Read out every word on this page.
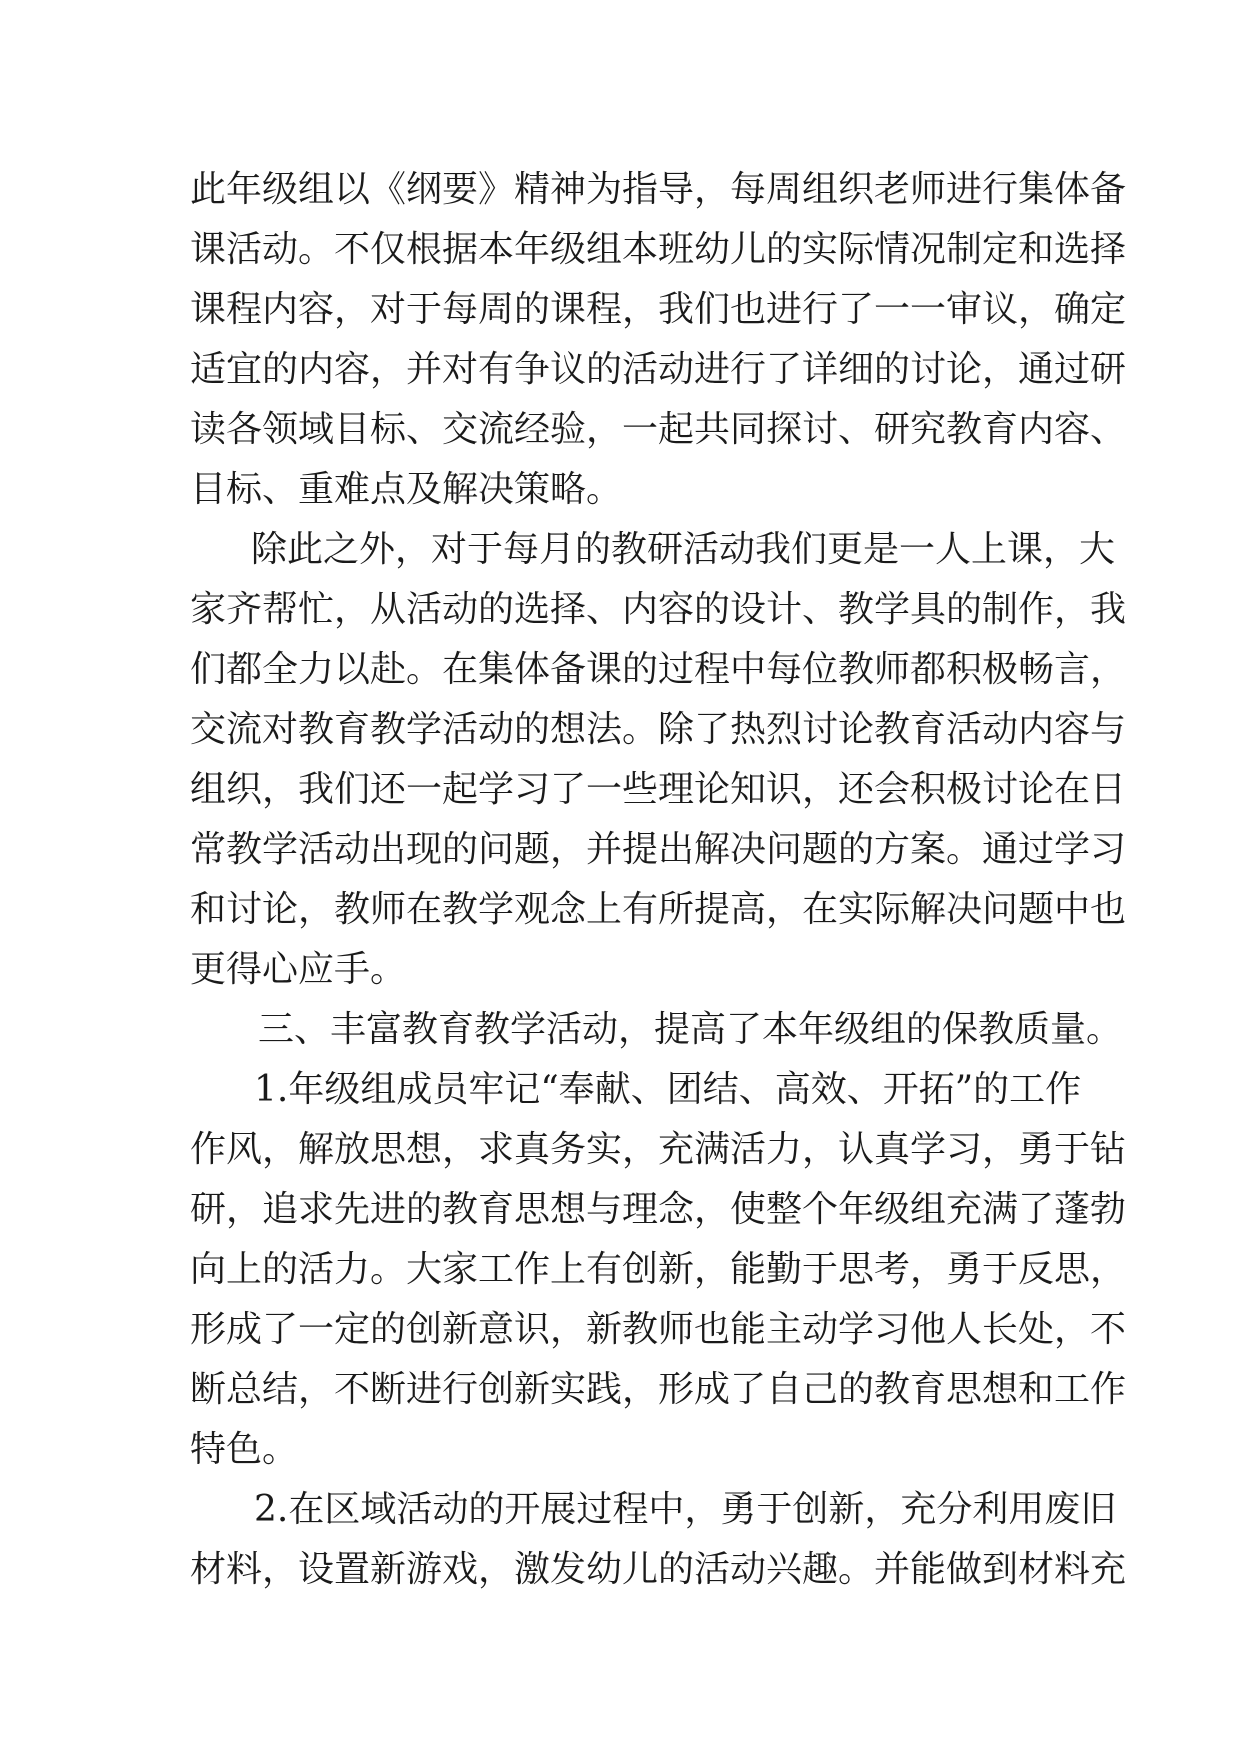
此年级组以《纲要》精神为指导，每周组织老师进行集体备
课活动。不仅根据本年级组本班幼儿的实际情况制定和选择
课程内容，对于每周的课程，我们也进行了一一审议，确定
适宜的内容，并对有争议的活动进行了详细的讨论，通过研
读各领域目标、交流经验，一起共同探讨、研究教育内容、
目标、重难点及解决策略。
除此之外，对于每月的教研活动我们更是一人上课，大
家齐帮忙，从活动的选择、内容的设计、教学具的制作，我
们都全力以赴。在集体备课的过程中每位教师都积极畅言，
交流对教育教学活动的想法。除了热烈讨论教育活动内容与
组织，我们还一起学习了一些理论知识，还会积极讨论在日
常教学活动出现的问题，并提出解决问题的方案。通过学习
和讨论，教师在教学观念上有所提高，在实际解决问题中也
更得心应手。
三、丰富教育教学活动，提高了本年级组的保教质量。
1.年级组成员牢记“奉献、团结、高效、开拓”的工作
作风，解放思想，求真务实，充满活力，认真学习，勇于钻
研，追求先进的教育思想与理念，使整个年级组充满了蓬勃
向上的活力。大家工作上有创新，能勤于思考，勇于反思，
形成了一定的创新意识，新教师也能主动学习他人长处，不
断总结，不断进行创新实践，形成了自己的教育思想和工作
特色。
2.在区域活动的开展过程中，勇于创新，充分利用废旧
材料，设置新游戏，激发幼儿的活动兴趣。并能做到材料充
